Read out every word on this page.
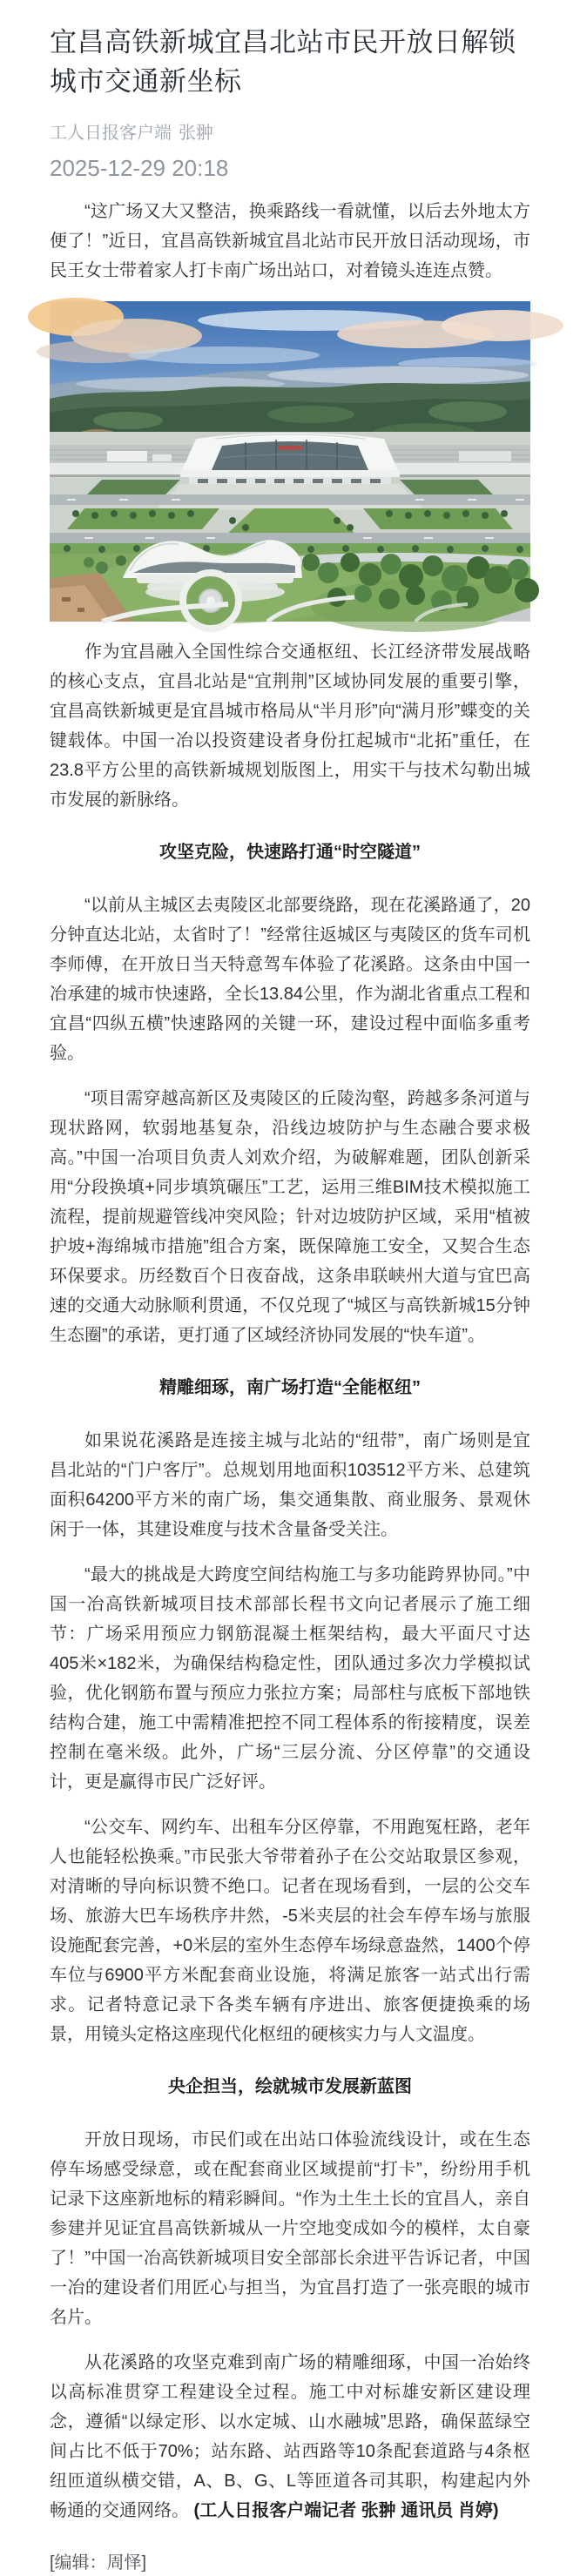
宜昌高铁新城宜昌北站市民开放日解锁城市交通新坐标
工人日报客户端 张翀
2025-12-29 20:18

“这广场又大又整洁，换乘路线一看就懂，以后去外地太方便了！”近日，宜昌高铁新城宜昌北站市民开放日活动现场，市民王女士带着家人打卡南广场出站口，对着镜头连连点赞。

作为宜昌融入全国性综合交通枢纽、长江经济带发展战略的核心支点，宜昌北站是“宜荆荆”区域协同发展的重要引擎，宜昌高铁新城更是宜昌城市格局从“半月形”向“满月形”蝶变的关键载体。中国一冶以投资建设者身份扛起城市“北拓”重任，在23.8平方公里的高铁新城规划版图上，用实干与技术勾勒出城市发展的新脉络。

攻坚克险，快速路打通“时空隧道”

“以前从主城区去夷陵区北部要绕路，现在花溪路通了，20分钟直达北站，太省时了！”经常往返城区与夷陵区的货车司机李师傅，在开放日当天特意驾车体验了花溪路。这条由中国一冶承建的城市快速路，全长13.84公里，作为湖北省重点工程和宜昌“四纵五横”快速路网的关键一环，建设过程中面临多重考验。

“项目需穿越高新区及夷陵区的丘陵沟壑，跨越多条河道与现状路网，软弱地基复杂，沿线边坡防护与生态融合要求极高。”中国一冶项目负责人刘欢介绍，为破解难题，团队创新采用“分段换填+同步填筑碾压”工艺，运用三维BIM技术模拟施工流程，提前规避管线冲突风险；针对边坡防护区域，采用“植被护坡+海绵城市措施”组合方案，既保障施工安全，又契合生态环保要求。历经数百个日夜奋战，这条串联峡州大道与宜巴高速的交通大动脉顺利贯通，不仅兑现了“城区与高铁新城15分钟生态圈”的承诺，更打通了区域经济协同发展的“快车道”。

精雕细琢，南广场打造“全能枢纽”

如果说花溪路是连接主城与北站的“纽带”，南广场则是宜昌北站的“门户客厅”。总规划用地面积103512平方米、总建筑面积64200平方米的南广场，集交通集散、商业服务、景观休闲于一体，其建设难度与技术含量备受关注。

“最大的挑战是大跨度空间结构施工与多功能跨界协同。”中国一冶高铁新城项目技术部部长程书文向记者展示了施工细节：广场采用预应力钢筋混凝土框架结构，最大平面尺寸达405米×182米，为确保结构稳定性，团队通过多次力学模拟试验，优化钢筋布置与预应力张拉方案；局部柱与底板下部地铁结构合建，施工中需精准把控不同工程体系的衔接精度，误差控制在毫米级。此外，广场“三层分流、分区停靠”的交通设计，更是赢得市民广泛好评。

“公交车、网约车、出租车分区停靠，不用跑冤枉路，老年人也能轻松换乘。”市民张大爷带着孙子在公交站取景区参观，对清晰的导向标识赞不绝口。记者在现场看到，一层的公交车场、旅游大巴车场秩序井然，-5米夹层的社会车停车场与旅服设施配套完善，+0米层的室外生态停车场绿意盎然，1400个停车位与6900平方米配套商业设施，将满足旅客一站式出行需求。记者特意记录下各类车辆有序进出、旅客便捷换乘的场景，用镜头定格这座现代化枢纽的硬核实力与人文温度。

央企担当，绘就城市发展新蓝图

开放日现场，市民们或在出站口体验流线设计，或在生态停车场感受绿意，或在配套商业区域提前“打卡”，纷纷用手机记录下这座新地标的精彩瞬间。“作为土生土长的宜昌人，亲自参建并见证宜昌高铁新城从一片空地变成如今的模样，太自豪了！”中国一冶高铁新城项目安全部部长余进平告诉记者，中国一冶的建设者们用匠心与担当，为宜昌打造了一张亮眼的城市名片。

从花溪路的攻坚克难到南广场的精雕细琢，中国一冶始终以高标准贯穿工程建设全过程。施工中对标雄安新区建设理念，遵循“以绿定形、以水定城、山水融城”思路，确保蓝绿空间占比不低于70%；站东路、站西路等10条配套道路与4条枢纽匝道纵横交错，A、B、G、L等匝道各司其职，构建起内外畅通的交通网络。 (工人日报客户端记者 张翀 通讯员 肖婷)

[编辑：周怿]
